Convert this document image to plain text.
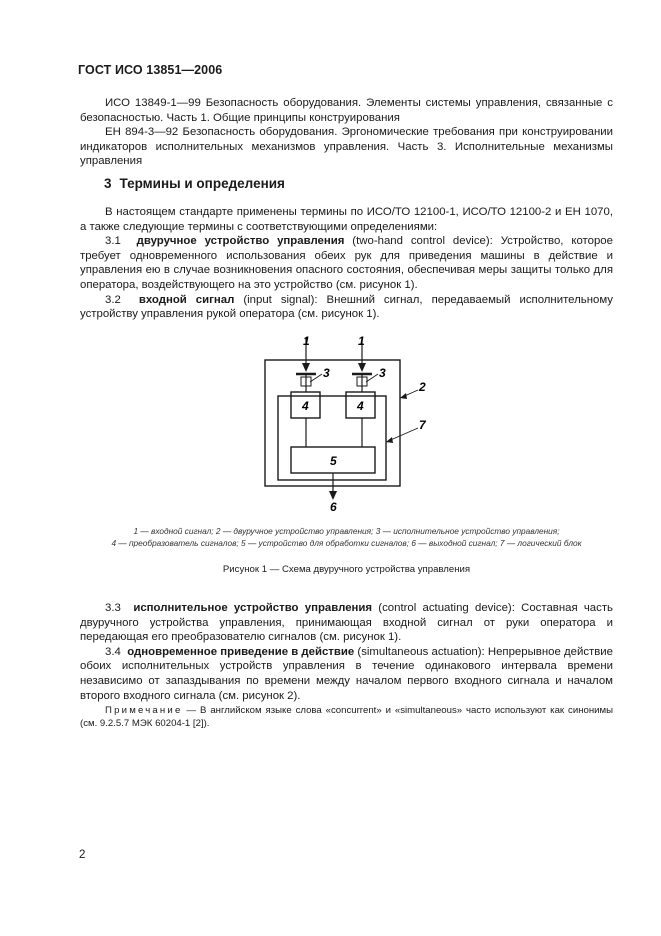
ГОСТ ИСО 13851—2006

ИСО 13849-1—99 Безопасность оборудования. Элементы системы управления, связанные с безопасностью. Часть 1. Общие принципы конструирования

ЕН 894-3—92 Безопасность оборудования. Эргономические требования при конструировании индикаторов исполнительных механизмов управления. Часть 3. Исполнительные механизмы управления

3 Термины и определения

В настоящем стандарте применены термины по ИСО/ТО 12100-1, ИСО/ТО 12100-2 и ЕН 1070, а также следующие термины с соответствующими определениями:

3.1 двуручное устройство управления (two-hand control device): Устройство, которое требует одновременного использования обеих рук для приведения машины в действие и управления ею в случае возникновения опасного состояния, обеспечивая меры защиты только для оператора, воздействующего на это устройство (см. рисунок 1).

3.2 входной сигнал (input signal): Внешний сигнал, передаваемый исполнительному устройству управления рукой оператора (см. рисунок 1).

1	1
3	3
2
4	4
7
5
6
1 — входной сигнал; 2 — двуручное устройство управления; 3 — исполнительное устройство управления;
4 — преобразователь сигналов; 5 — устройство для обработки сигналов; 6 — выходной сигнал; 7 — логический блок
Рисунок 1 — Схема двуручного устройства управления

3.3 исполнительное устройство управления (control actuating device): Составная часть двуручного устройства управления, принимающая входной сигнал от руки оператора и передающая его преобразователю сигналов (см. рисунок 1).

3.4 одновременное приведение в действие (simultaneous actuation): Непрерывное действие обоих исполнительных устройств управления в течение одинакового интервала времени независимо от запаздывания по времени между началом первого входного сигнала и началом второго входного сигнала (см. рисунок 2).

Примечание — В английском языке слова «concurrent» и «simultaneous» часто используют как синонимы (см. 9.2.5.7 МЭК 60204-1 [2]).

2
